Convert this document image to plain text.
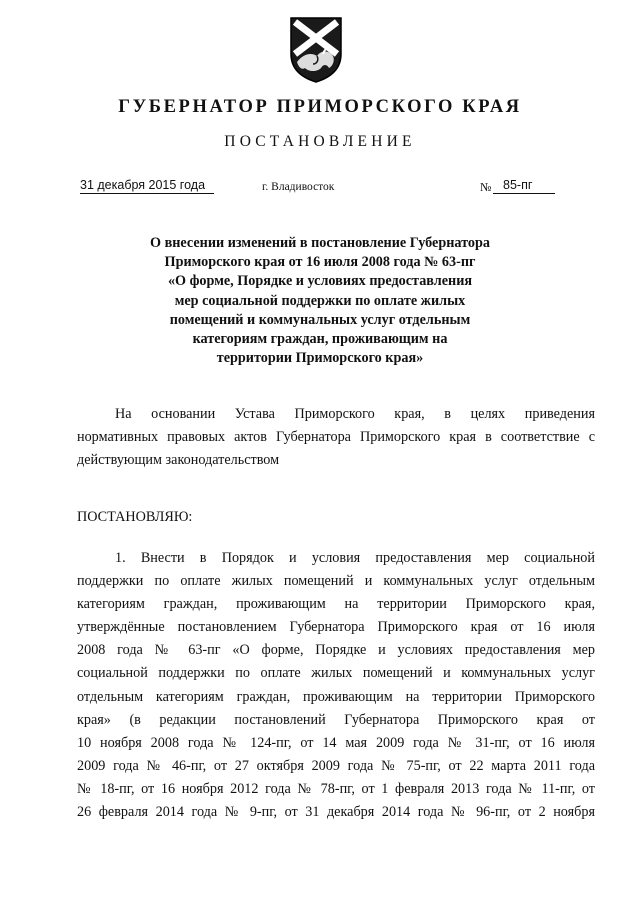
ГУБЕРНАТОР ПРИМОРСКОГО КРАЯ
ПОСТАНОВЛЕНИЕ
31 декабря 2015 года	г. Владивосток	№ 85-пг
О внесении изменений в постановление Губернатора
Приморского края от 16 июля 2008 года № 63-пг
«О форме, Порядке и условиях предоставления
мер социальной поддержки по оплате жилых
помещений и коммунальных услуг отдельным
категориям граждан, проживающим на
территории Приморского края»
На основании Устава Приморского края, в целях приведения
нормативных правовых актов Губернатора Приморского края в соответствие с
действующим законодательством
ПОСТАНОВЛЯЮ:
1. Внести в Порядок и условия предоставления мер социальной
поддержки по оплате жилых помещений и коммунальных услуг отдельным
категориям граждан, проживающим на территории Приморского края,
утверждённые постановлением Губернатора Приморского края от 16 июля
2008 года № 63-пг «О форме, Порядке и условиях предоставления мер
социальной поддержки по оплате жилых помещений и коммунальных услуг
отдельным категориям граждан, проживающим на территории Приморского
края» (в редакции постановлений Губернатора Приморского края от
10 ноября 2008 года № 124-пг, от 14 мая 2009 года № 31-пг, от 16 июля
2009 года № 46-пг, от 27 октября 2009 года № 75-пг, от 22 марта 2011 года
№ 18-пг, от 16 ноября 2012 года № 78-пг, от 1 февраля 2013 года № 11-пг, от
26 февраля 2014 года № 9-пг, от 31 декабря 2014 года № 96-пг, от 2 ноября
